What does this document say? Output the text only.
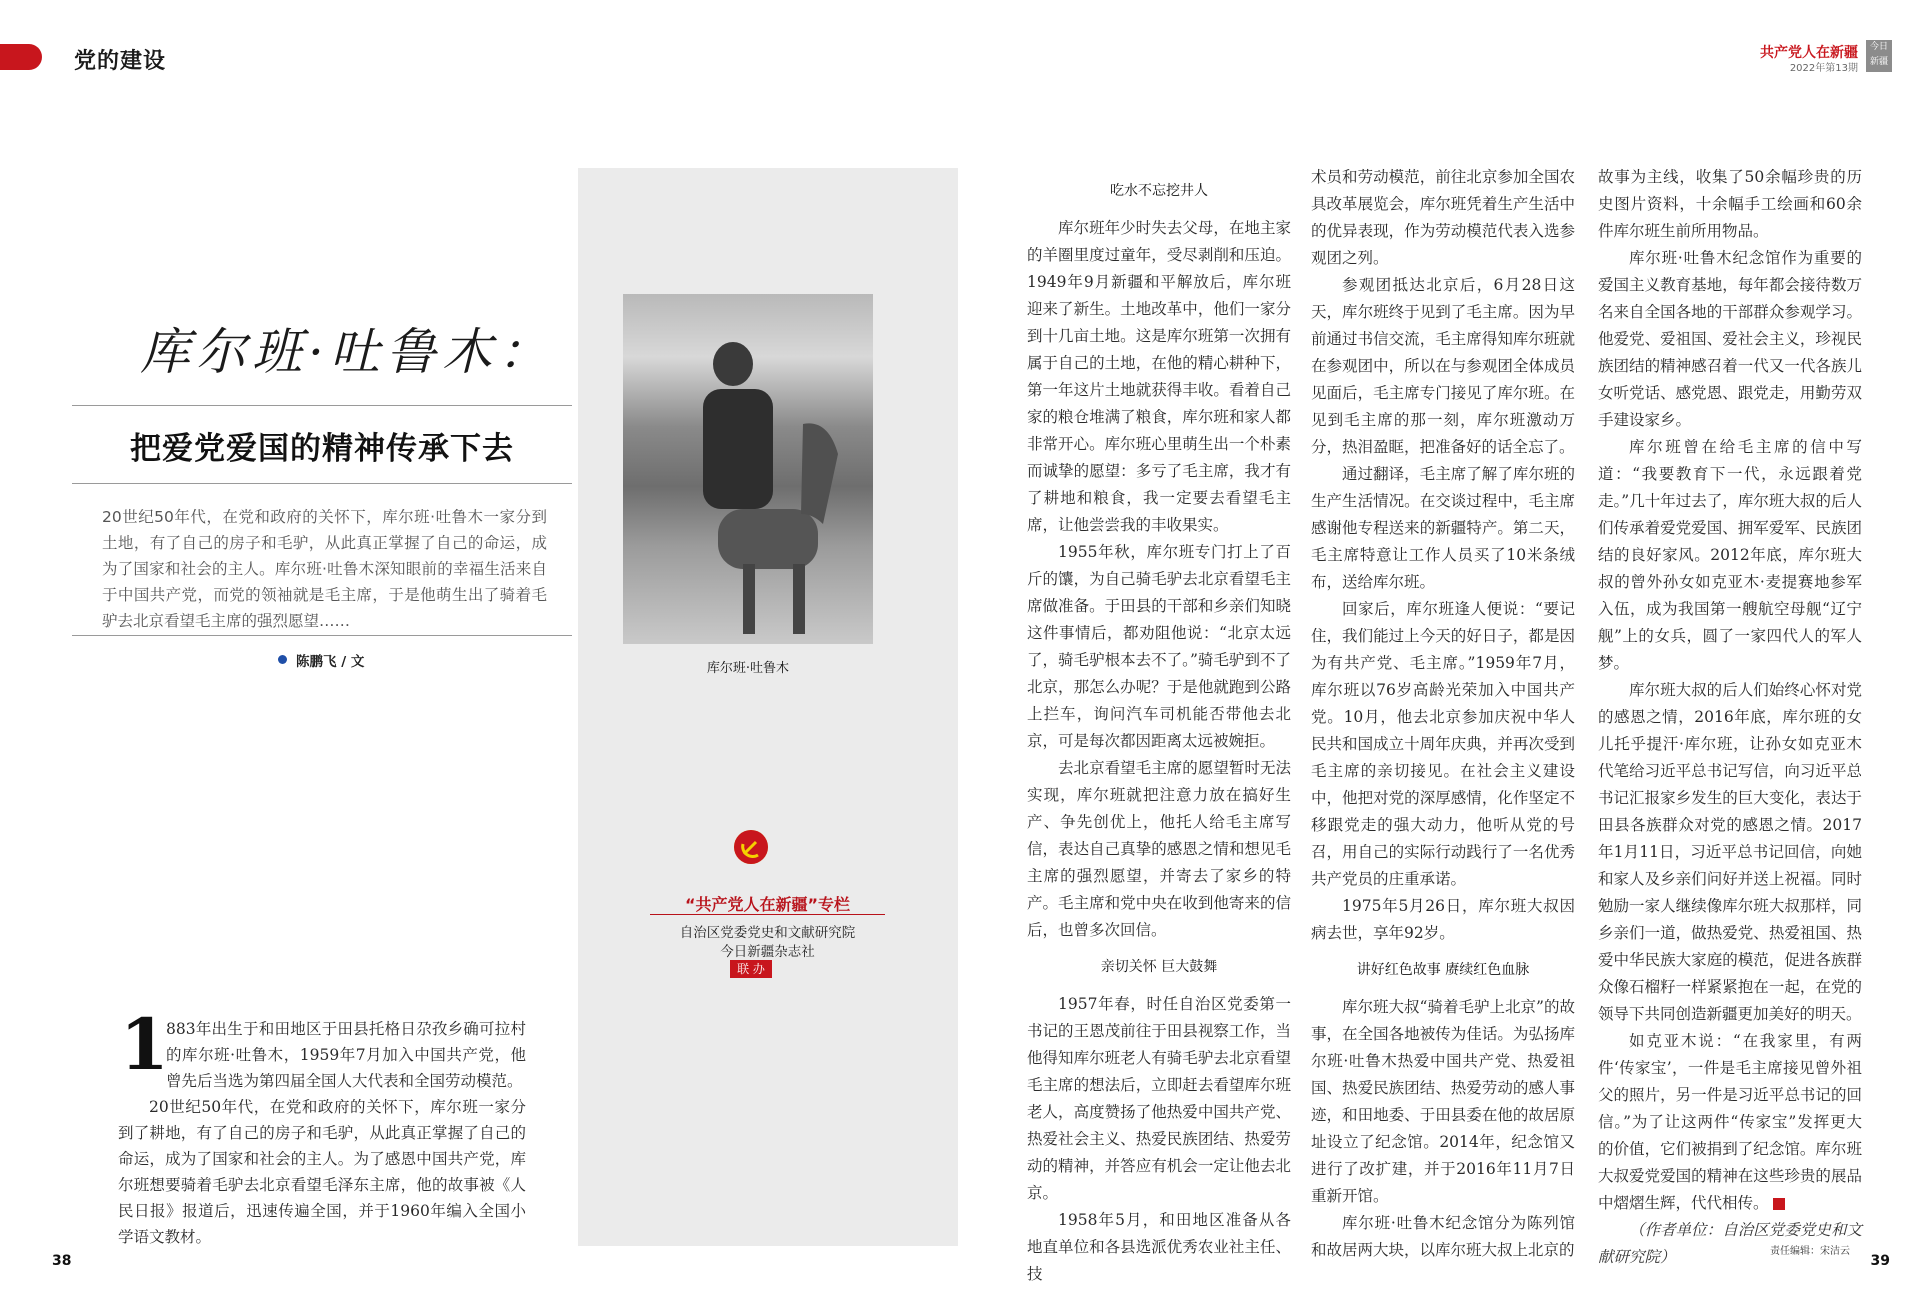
党的建设	共产党人在新疆
2022年第13期
今日新疆
库尔班·吐鲁木：
把爱党爱国的精神传承下去
20世纪50年代，在党和政府的关怀下，库尔班·吐鲁木一家分到土地，有了自己的房子和毛驴，从此真正掌握了自己的命运，成为了国家和社会的主人。库尔班·吐鲁木深知眼前的幸福生活来自于中国共产党，而党的领袖就是毛主席，于是他萌生出了骑着毛驴去北京看望毛主席的强烈愿望……
陈鹏飞 / 文
1

883年出生于和田地区于田县托格日尕孜乡确可拉村的库尔班·吐鲁木，1959年7月加入中国共产党，他曾先后当选为第四届全国人大代表和全国劳动模范。

20世纪50年代，在党和政府的关怀下，库尔班一家分到了耕地，有了自己的房子和毛驴，从此真正掌握了自己的命运，成为了国家和社会的主人。为了感恩中国共产党，库尔班想要骑着毛驴去北京看望毛泽东主席，他的故事被《人民日报》报道后，迅速传遍全国，并于1960年编入全国小学语文教材。

库尔班·吐鲁木
“共产党人在新疆”专栏
自治区党委党史和文献研究院
今日新疆杂志社
联 办
吃水不忘挖井人

库尔班年少时失去父母，在地主家的羊圈里度过童年，受尽剥削和压迫。1949年9月新疆和平解放后，库尔班迎来了新生。土地改革中，他们一家分到十几亩土地。这是库尔班第一次拥有属于自己的土地，在他的精心耕种下，第一年这片土地就获得丰收。看着自己家的粮仓堆满了粮食，库尔班和家人都非常开心。库尔班心里萌生出一个朴素而诚挚的愿望：多亏了毛主席，我才有了耕地和粮食，我一定要去看望毛主席，让他尝尝我的丰收果实。

1955年秋，库尔班专门打上了百斤的馕，为自己骑毛驴去北京看望毛主席做准备。于田县的干部和乡亲们知晓这件事情后，都劝阻他说：“北京太远了，骑毛驴根本去不了。”骑毛驴到不了北京，那怎么办呢？于是他就跑到公路上拦车，询问汽车司机能否带他去北京，可是每次都因距离太远被婉拒。

去北京看望毛主席的愿望暂时无法实现，库尔班就把注意力放在搞好生产、争先创优上，他托人给毛主席写信，表达自己真挚的感恩之情和想见毛主席的强烈愿望，并寄去了家乡的特产。毛主席和党中央在收到他寄来的信后，也曾多次回信。

亲切关怀 巨大鼓舞

1957年春，时任自治区党委第一书记的王恩茂前往于田县视察工作，当他得知库尔班老人有骑毛驴去北京看望毛主席的想法后，立即赶去看望库尔班老人，高度赞扬了他热爱中国共产党、热爱社会主义、热爱民族团结、热爱劳动的精神，并答应有机会一定让他去北京。

1958年5月，和田地区准备从各地直单位和各县选派优秀农业社主任、技

术员和劳动模范，前往北京参加全国农具改革展览会，库尔班凭着生产生活中的优异表现，作为劳动模范代表入选参观团之列。

参观团抵达北京后，6月28日这天，库尔班终于见到了毛主席。因为早前通过书信交流，毛主席得知库尔班就在参观团中，所以在与参观团全体成员见面后，毛主席专门接见了库尔班。在见到毛主席的那一刻，库尔班激动万分，热泪盈眶，把准备好的话全忘了。

通过翻译，毛主席了解了库尔班的生产生活情况。在交谈过程中，毛主席感谢他专程送来的新疆特产。第二天，毛主席特意让工作人员买了10米条绒布，送给库尔班。

回家后，库尔班逢人便说：“要记住，我们能过上今天的好日子，都是因为有共产党、毛主席。”1959年7月，库尔班以76岁高龄光荣加入中国共产党。10月，他去北京参加庆祝中华人民共和国成立十周年庆典，并再次受到毛主席的亲切接见。在社会主义建设中，他把对党的深厚感情，化作坚定不移跟党走的强大动力，他听从党的号召，用自己的实际行动践行了一名优秀共产党员的庄重承诺。

1975年5月26日，库尔班大叔因病去世，享年92岁。

讲好红色故事 赓续红色血脉

库尔班大叔“骑着毛驴上北京”的故事，在全国各地被传为佳话。为弘扬库尔班·吐鲁木热爱中国共产党、热爱祖国、热爱民族团结、热爱劳动的感人事迹，和田地委、于田县委在他的故居原址设立了纪念馆。2014年，纪念馆又进行了改扩建，并于2016年11月7日重新开馆。

库尔班·吐鲁木纪念馆分为陈列馆和故居两大块，以库尔班大叔上北京的

故事为主线，收集了50余幅珍贵的历史图片资料，十余幅手工绘画和60余件库尔班生前所用物品。

库尔班·吐鲁木纪念馆作为重要的爱国主义教育基地，每年都会接待数万名来自全国各地的干部群众参观学习。他爱党、爱祖国、爱社会主义，珍视民族团结的精神感召着一代又一代各族儿女听党话、感党恩、跟党走，用勤劳双手建设家乡。

库尔班曾在给毛主席的信中写道：“我要教育下一代，永远跟着党走。”几十年过去了，库尔班大叔的后人们传承着爱党爱国、拥军爱军、民族团结的良好家风。2012年底，库尔班大叔的曾外孙女如克亚木·麦提赛地参军入伍，成为我国第一艘航空母舰“辽宁舰”上的女兵，圆了一家四代人的军人梦。

库尔班大叔的后人们始终心怀对党的感恩之情，2016年底，库尔班的女儿托乎提汗·库尔班，让孙女如克亚木代笔给习近平总书记写信，向习近平总书记汇报家乡发生的巨大变化，表达于田县各族群众对党的感恩之情。2017年1月11日，习近平总书记回信，向她和家人及乡亲们问好并送上祝福。同时勉励一家人继续像库尔班大叔那样，同乡亲们一道，做热爱党、热爱祖国、热爱中华民族大家庭的模范，促进各族群众像石榴籽一样紧紧抱在一起，在党的领导下共同创造新疆更加美好的明天。

如克亚木说：“在我家里，有两件‘传家宝’，一件是毛主席接见曾外祖父的照片，另一件是习近平总书记的回信。”为了让这两件“传家宝”发挥更大的价值，它们被捐到了纪念馆。库尔班大叔爱党爱国的精神在这些珍贵的展品中熠熠生辉，代代相传。

（作者单位：自治区党委党史和文献研究院）	责任编辑：宋洁云
38	39
